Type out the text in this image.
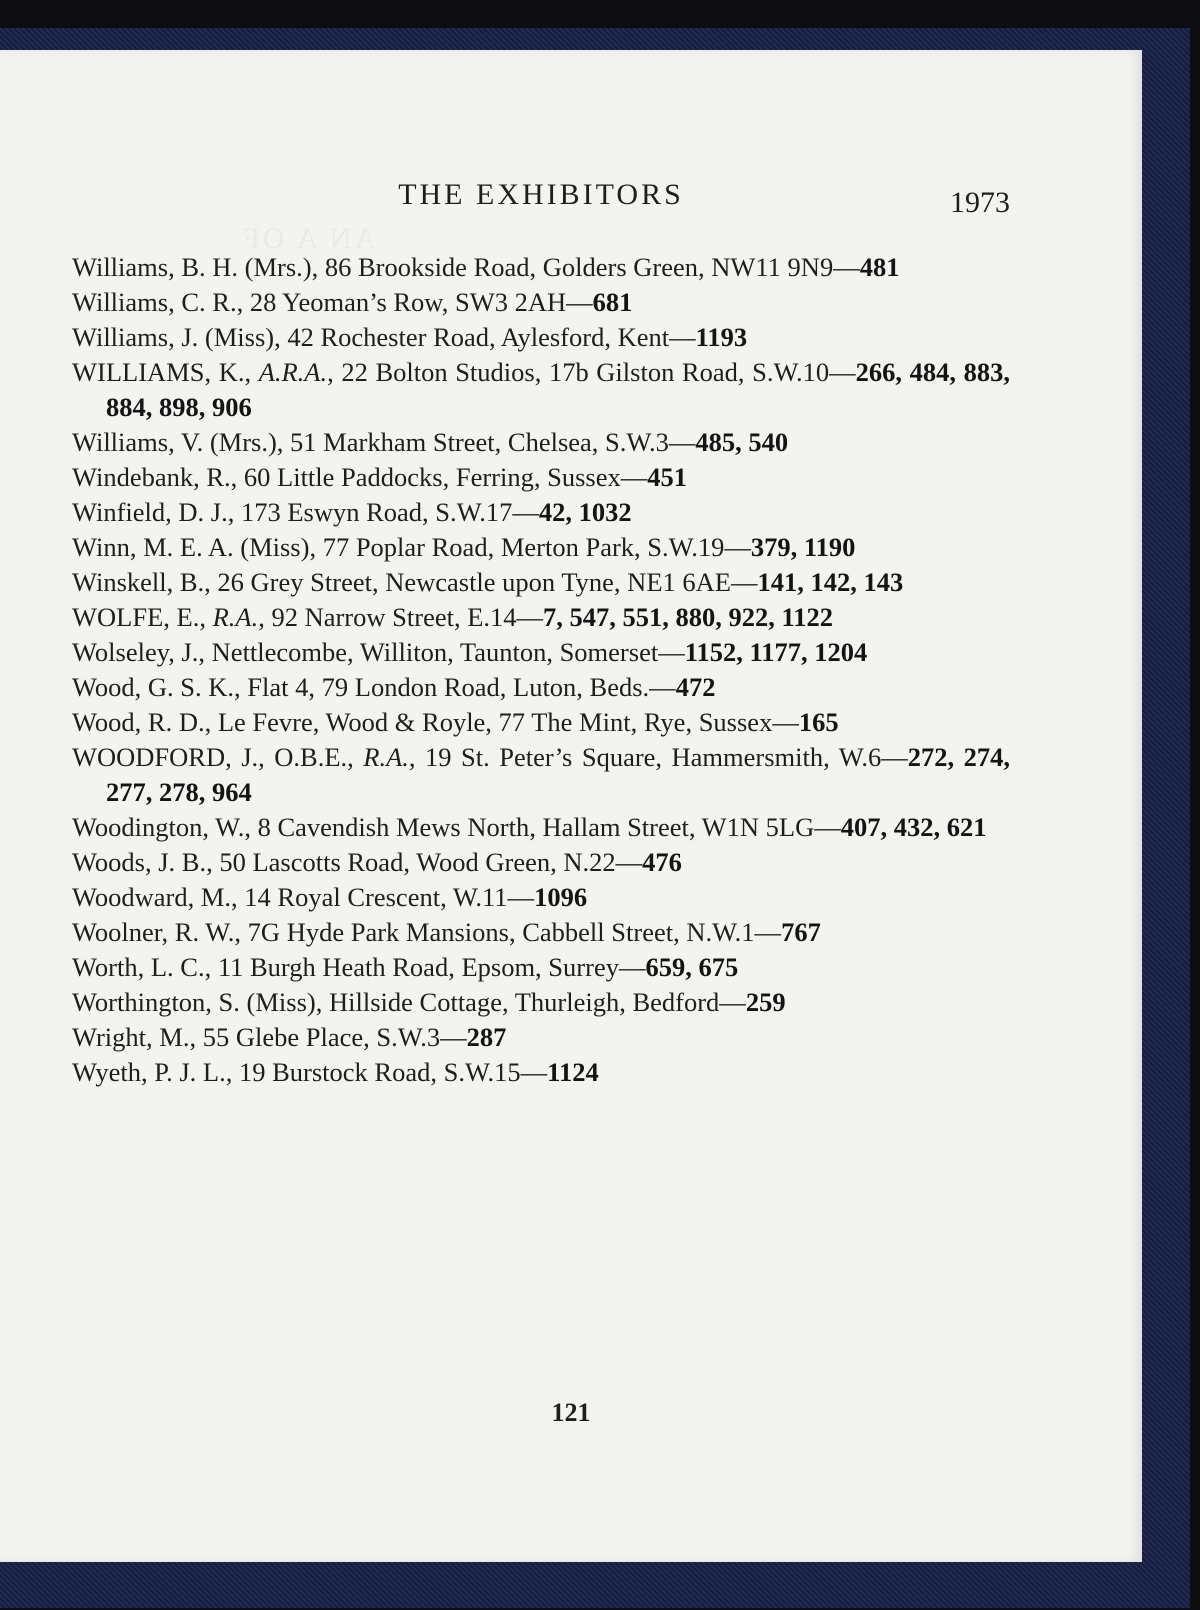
AN A OF
THE EXHIBITORS	1973
Williams, B. H. (Mrs.), 86 Brookside Road, Golders Green, NW11 9N9—481
Williams, C. R., 28 Yeoman’s Row, SW3 2AH—681
Williams, J. (Miss), 42 Rochester Road, Aylesford, Kent—1193
WILLIAMS, K., A.R.A., 22 Bolton Studios, 17b Gilston Road, S.W.10—266, 484, 883, 884, 898, 906
Williams, V. (Mrs.), 51 Markham Street, Chelsea, S.W.3—485, 540
Windebank, R., 60 Little Paddocks, Ferring, Sussex—451
Winfield, D. J., 173 Eswyn Road, S.W.17—42, 1032
Winn, M. E. A. (Miss), 77 Poplar Road, Merton Park, S.W.19—379, 1190
Winskell, B., 26 Grey Street, Newcastle upon Tyne, NE1 6AE—141, 142, 143
WOLFE, E., R.A., 92 Narrow Street, E.14—7, 547, 551, 880, 922, 1122
Wolseley, J., Nettlecombe, Williton, Taunton, Somerset—1152, 1177, 1204
Wood, G. S. K., Flat 4, 79 London Road, Luton, Beds.—472
Wood, R. D., Le Fevre, Wood & Royle, 77 The Mint, Rye, Sussex—165
WOODFORD, J., O.B.E., R.A., 19 St. Peter’s Square, Hammersmith, W.6—272, 274, 277, 278, 964
Woodington, W., 8 Cavendish Mews North, Hallam Street, W1N 5LG—407, 432, 621
Woods, J. B., 50 Lascotts Road, Wood Green, N.22—476
Woodward, M., 14 Royal Crescent, W.11—1096
Woolner, R. W., 7G Hyde Park Mansions, Cabbell Street, N.W.1—767
Worth, L. C., 11 Burgh Heath Road, Epsom, Surrey—659, 675
Worthington, S. (Miss), Hillside Cottage, Thurleigh, Bedford—259
Wright, M., 55 Glebe Place, S.W.3—287
Wyeth, P. J. L., 19 Burstock Road, S.W.15—1124
121
